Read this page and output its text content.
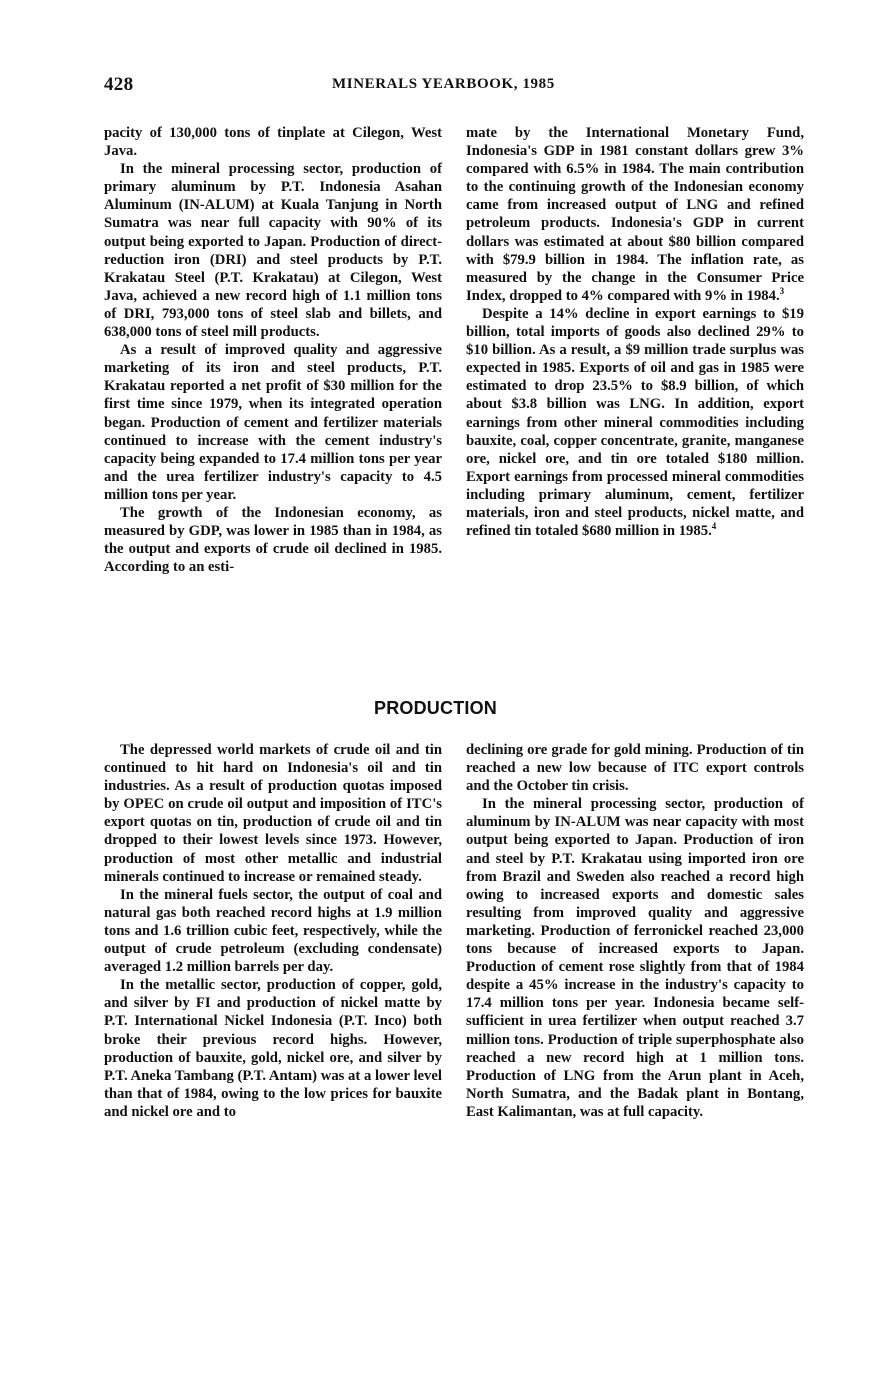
428	MINERALS YEARBOOK, 1985

pacity of 130,000 tons of tinplate at Cilegon, West Java.

In the mineral processing sector, production of primary aluminum by P.T. Indonesia Asahan Aluminum (IN-ALUM) at Kuala Tanjung in North Sumatra was near full capacity with 90% of its output being exported to Japan. Production of direct-reduction iron (DRI) and steel products by P.T. Krakatau Steel (P.T. Krakatau) at Cilegon, West Java, achieved a new record high of 1.1 million tons of DRI, 793,000 tons of steel slab and billets, and 638,000 tons of steel mill products.

As a result of improved quality and aggressive marketing of its iron and steel products, P.T. Krakatau reported a net profit of $30 million for the first time since 1979, when its integrated operation began. Production of cement and fertilizer materials continued to increase with the cement industry's capacity being expanded to 17.4 million tons per year and the urea fertilizer industry's capacity to 4.5 million tons per year.

The growth of the Indonesian economy, as measured by GDP, was lower in 1985 than in 1984, as the output and exports of crude oil declined in 1985. According to an esti-

mate by the International Monetary Fund, Indonesia's GDP in 1981 constant dollars grew 3% compared with 6.5% in 1984. The main contribution to the continuing growth of the Indonesian economy came from increased output of LNG and refined petroleum products. Indonesia's GDP in current dollars was estimated at about $80 billion compared with $79.9 billion in 1984. The inflation rate, as measured by the change in the Consumer Price Index, dropped to 4% compared with 9% in 1984.$^3$

Despite a 14% decline in export earnings to $19 billion, total imports of goods also declined 29% to $10 billion. As a result, a $9 million trade surplus was expected in 1985. Exports of oil and gas in 1985 were estimated to drop 23.5% to $8.9 billion, of which about $3.8 billion was LNG. In addition, export earnings from other mineral commodities including bauxite, coal, copper concentrate, granite, manganese ore, nickel ore, and tin ore totaled $180 million. Export earnings from processed mineral commodities including primary aluminum, cement, fertilizer materials, iron and steel products, nickel matte, and refined tin totaled $680 million in 1985.$^4$

PRODUCTION

The depressed world markets of crude oil and tin continued to hit hard on Indonesia's oil and tin industries. As a result of production quotas imposed by OPEC on crude oil output and imposition of ITC's export quotas on tin, production of crude oil and tin dropped to their lowest levels since 1973. However, production of most other metallic and industrial minerals continued to increase or remained steady.

In the mineral fuels sector, the output of coal and natural gas both reached record highs at 1.9 million tons and 1.6 trillion cubic feet, respectively, while the output of crude petroleum (excluding condensate) averaged 1.2 million barrels per day.

In the metallic sector, production of copper, gold, and silver by FI and production of nickel matte by P.T. International Nickel Indonesia (P.T. Inco) both broke their previous record highs. However, production of bauxite, gold, nickel ore, and silver by P.T. Aneka Tambang (P.T. Antam) was at a lower level than that of 1984, owing to the low prices for bauxite and nickel ore and to

declining ore grade for gold mining. Production of tin reached a new low because of ITC export controls and the October tin crisis.

In the mineral processing sector, production of aluminum by IN-ALUM was near capacity with most output being exported to Japan. Production of iron and steel by P.T. Krakatau using imported iron ore from Brazil and Sweden also reached a record high owing to increased exports and domestic sales resulting from improved quality and aggressive marketing. Production of ferronickel reached 23,000 tons because of increased exports to Japan. Production of cement rose slightly from that of 1984 despite a 45% increase in the industry's capacity to 17.4 million tons per year. Indonesia became self-sufficient in urea fertilizer when output reached 3.7 million tons. Production of triple superphosphate also reached a new record high at 1 million tons. Production of LNG from the Arun plant in Aceh, North Sumatra, and the Badak plant in Bontang, East Kalimantan, was at full capacity.
